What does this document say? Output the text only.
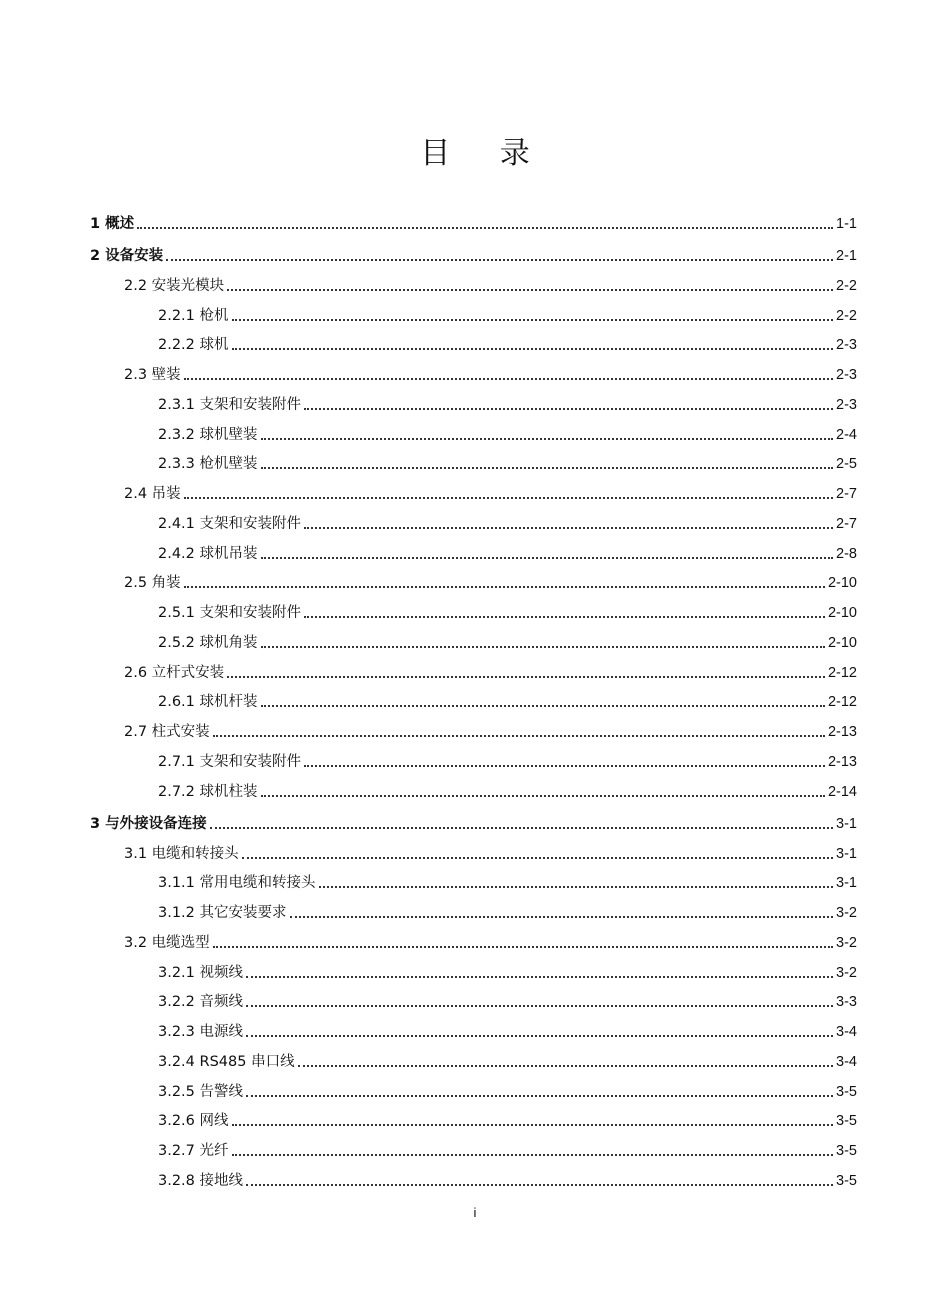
目 录
1 概述	1-1
2 设备安装	2-1
2.2 安装光模块	2-2
2.2.1 枪机	2-2
2.2.2 球机	2-3
2.3 壁装	2-3
2.3.1 支架和安装附件	2-3
2.3.2 球机壁装	2-4
2.3.3 枪机壁装	2-5
2.4 吊装	2-7
2.4.1 支架和安装附件	2-7
2.4.2 球机吊装	2-8
2.5 角装	2-10
2.5.1 支架和安装附件	2-10
2.5.2 球机角装	2-10
2.6 立杆式安装	2-12
2.6.1 球机杆装	2-12
2.7 柱式安装	2-13
2.7.1 支架和安装附件	2-13
2.7.2 球机柱装	2-14
3 与外接设备连接	3-1
3.1 电缆和转接头	3-1
3.1.1 常用电缆和转接头	3-1
3.1.2 其它安装要求	3-2
3.2 电缆选型	3-2
3.2.1 视频线	3-2
3.2.2 音频线	3-3
3.2.3 电源线	3-4
3.2.4 RS485 串口线	3-4
3.2.5 告警线	3-5
3.2.6 网线	3-5
3.2.7 光纤	3-5
3.2.8 接地线	3-5
i
